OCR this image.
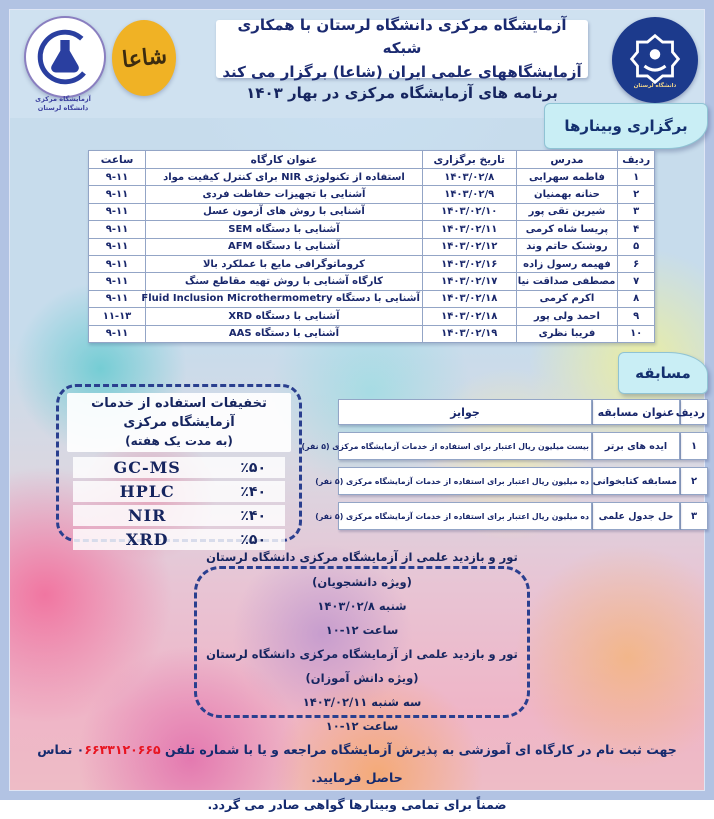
دانشگاه لرستان
آزمایشگاه مرکزی دانشگاه لرستان با همکاری شبکه
آزمایشگاههای علمی ایران (شاعا) برگزار می کند
برنامه های آزمایشگاه مرکزی در بهار ۱۴۰۳
شاعا
آزمایشگاه مرکزی
دانشگاه لرستان
برگزاری وبینارها
ردیف	مدرس	تاریخ برگزاری	عنوان کارگاه	ساعت
۱	فاطمه سهرابی	۱۴۰۳/۰۲/۸	استفاده از تکنولوژی NIR برای کنترل کیفیت مواد	۹-۱۱
۲	حنانه بهمنیان	۱۴۰۳/۰۲/۹	آشنایی با تجهیزات حفاظت فردی	۹-۱۱
۳	شیرین تقی پور	۱۴۰۳/۰۲/۱۰	آشنایی با روش های آزمون عسل	۹-۱۱
۴	پریسا شاه کرمی	۱۴۰۳/۰۲/۱۱	آشنایی با دستگاه SEM	۹-۱۱
۵	روشنک حاتم وند	۱۴۰۳/۰۲/۱۲	آشنایی با دستگاه AFM	۹-۱۱
۶	فهیمه رسول زاده	۱۴۰۳/۰۲/۱۶	کروماتوگرافی مایع با عملکرد بالا	۹-۱۱
۷	مصطفی صداقت نیا	۱۴۰۳/۰۲/۱۷	کارگاه آشنایی با روش تهیه مقاطع سنگ	۹-۱۱
۸	اکرم کرمی	۱۴۰۳/۰۲/۱۸	آشنایی با دستگاه Fluid Inclusion Microthermometry	۹-۱۱
۹	احمد ولی پور	۱۴۰۳/۰۲/۱۸	آشنایی با دستگاه XRD	۱۱-۱۳
۱۰	فریبا نظری	۱۴۰۳/۰۲/۱۹	آشنایی با دستگاه AAS	۹-۱۱
مسابقه
ردیف	عنوان مسابقه	جوایز
۱	ایده های برتر	بیست میلیون ریال اعتبار برای استفاده از خدمات آزمایشگاه مرکزی (۵ نفر)
۲	مسابقه کتابخوانی	ده میلیون ریال اعتبار برای استفاده از خدمات آزمایشگاه مرکزی (۵ نفر)
۳	حل جدول علمی	ده میلیون ریال اعتبار برای استفاده از خدمات آزمایشگاه مرکزی (۵ نفر)
تخفیفات استفاده از خدمات آزمایشگاه مرکزی
(به مدت یک هفته)
٪۵۰
GC-MS
٪۴۰
HPLC
٪۴۰
NIR
٪۵۰
XRD
تور و بازدید علمی از آزمایشگاه مرکزی دانشگاه لرستان (ویژه دانشجویان)
شنبه ۱۴۰۳/۰۲/۸
ساعت ۱۰-۱۲
تور و بازدید علمی از آزمایشگاه مرکزی دانشگاه لرستان (ویژه دانش آموزان)
سه شنبه ۱۴۰۳/۰۲/۱۱
ساعت ۱۰-۱۲
جهت ثبت نام در کارگاه ای آموزشی به پذیرش آزمایشگاه مراجعه و یا با شماره تلفن ۰۶۶۳۳۱۲۰۶۶۵ تماس حاصل فرمایید.
ضمناً برای تمامی وبینارها گواهی صادر می گردد.
